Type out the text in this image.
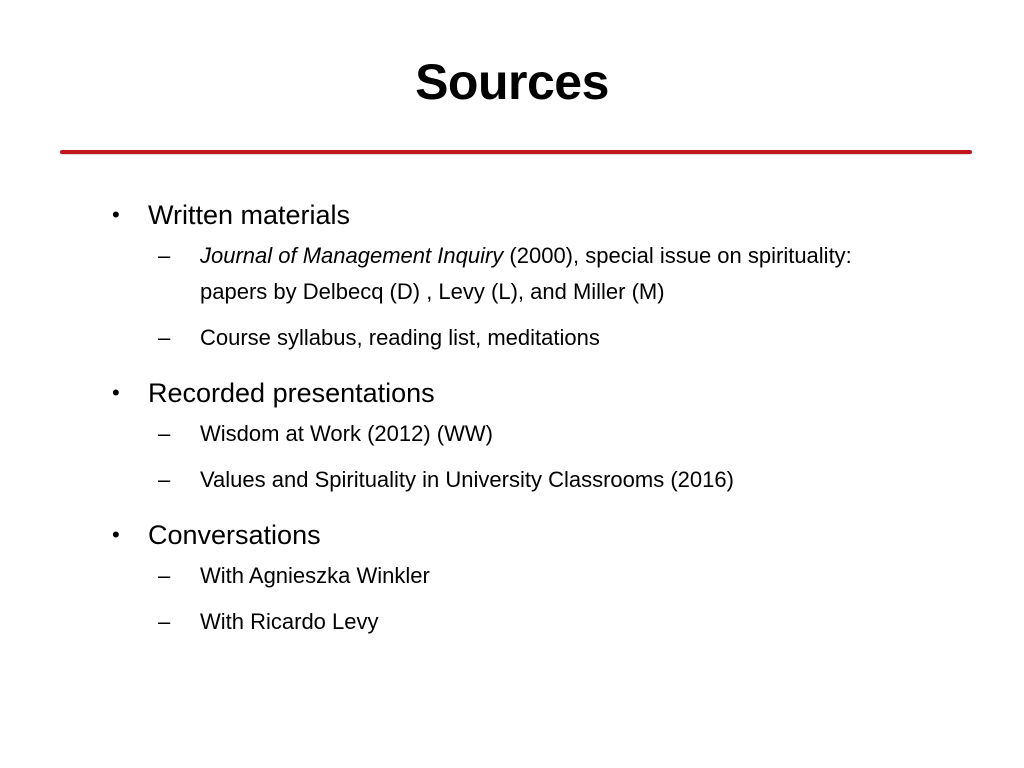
Sources
• Written materials
– Journal of Management Inquiry (2000), special issue on spirituality: papers by Delbecq (D) , Levy (L), and Miller (M)
– Course syllabus, reading list, meditations
• Recorded presentations
– Wisdom at Work (2012) (WW)
– Values and Spirituality in University Classrooms (2016)
• Conversations
– With Agnieszka Winkler
– With Ricardo Levy
